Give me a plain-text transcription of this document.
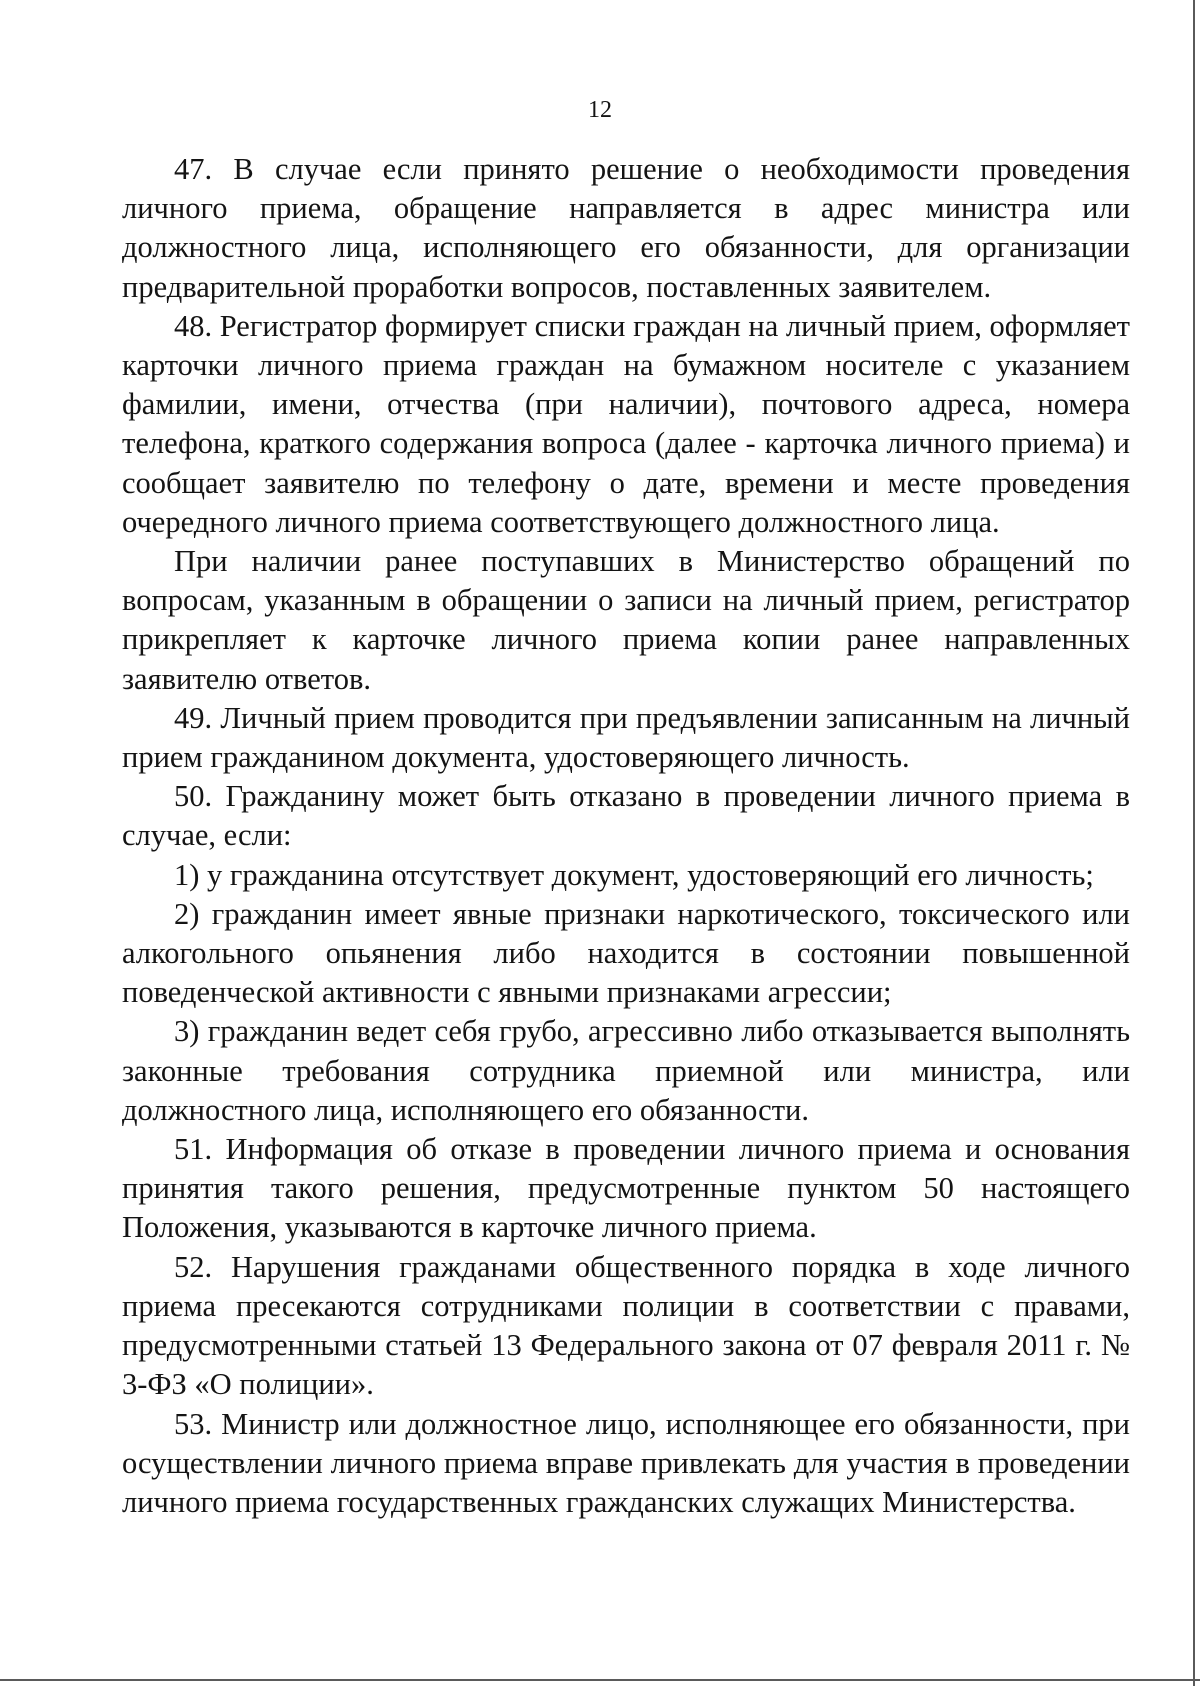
12

47. В случае если принято решение о необходимости проведения личного приема, обращение направляется в адрес министра или должностного лица, исполняющего его обязанности, для организации предварительной проработки вопросов, поставленных заявителем.

48. Регистратор формирует списки граждан на личный прием, оформляет карточки личного приема граждан на бумажном носителе с указанием фамилии, имени, отчества (при наличии), почтового адреса, номера телефона, краткого содержания вопроса (далее - карточка личного приема) и сообщает заявителю по телефону о дате, времени и месте проведения очередного личного приема соответствующего должностного лица.

При наличии ранее поступавших в Министерство обращений по вопросам, указанным в обращении о записи на личный прием, регистратор прикрепляет к карточке личного приема копии ранее направленных заявителю ответов.

49. Личный прием проводится при предъявлении записанным на личный прием гражданином документа, удостоверяющего личность.

50. Гражданину может быть отказано в проведении личного приема в случае, если:

1) у гражданина отсутствует документ, удостоверяющий его личность;

2) гражданин имеет явные признаки наркотического, токсического или алкогольного опьянения либо находится в состоянии повышенной поведенческой активности с явными признаками агрессии;

3) гражданин ведет себя грубо, агрессивно либо отказывается выполнять законные требования сотрудника приемной или министра, или должностного лица, исполняющего его обязанности.

51. Информация об отказе в проведении личного приема и основания принятия такого решения, предусмотренные пунктом 50 настоящего Положения, указываются в карточке личного приема.

52. Нарушения гражданами общественного порядка в ходе личного приема пресекаются сотрудниками полиции в соответствии с правами, предусмотренными статьей 13 Федерального закона от 07 февраля 2011 г. № 3-ФЗ «О полиции».

53. Министр или должностное лицо, исполняющее его обязанности, при осуществлении личного приема вправе привлекать для участия в проведении личного приема государственных гражданских служащих Министерства.
